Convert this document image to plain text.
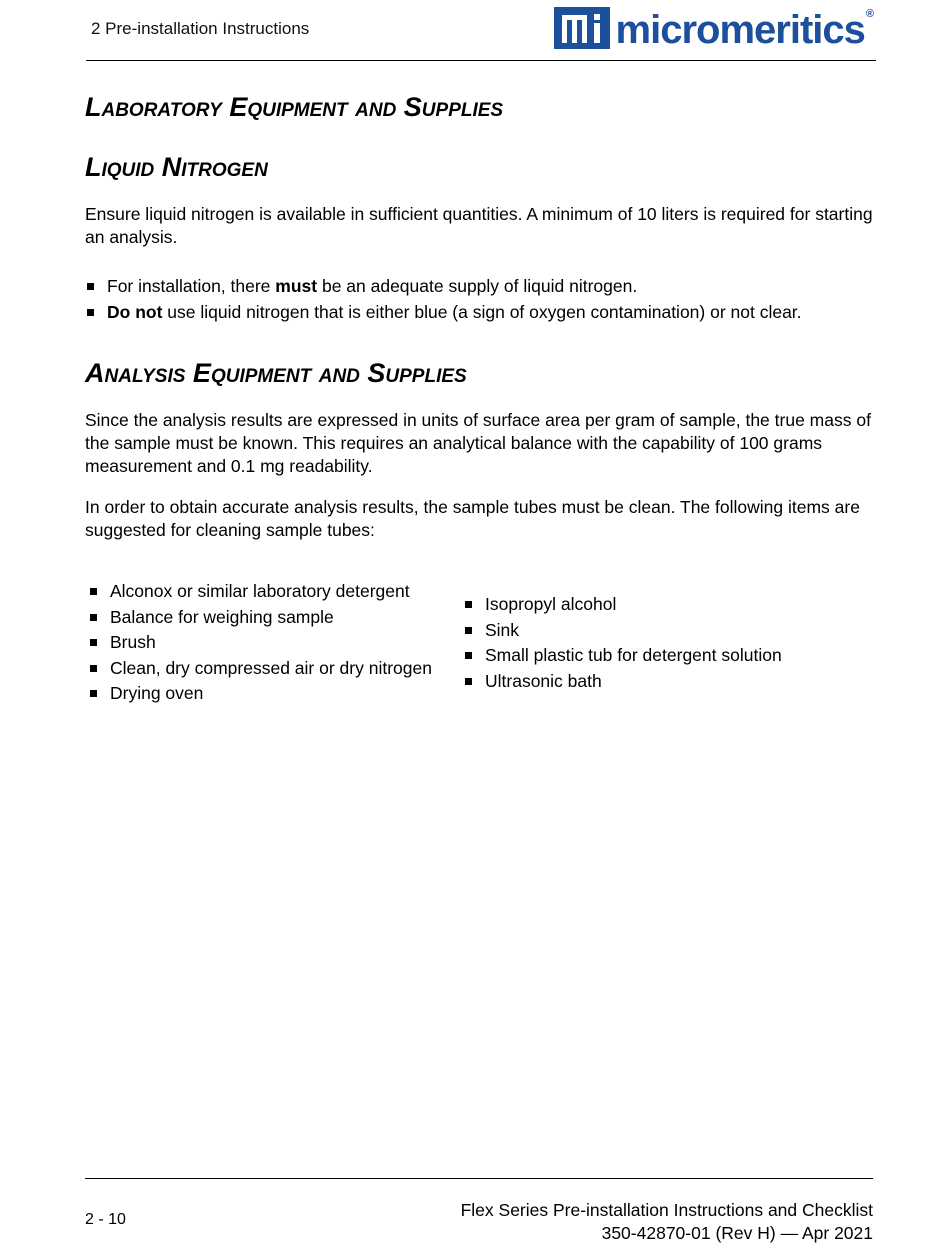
2 Pre-installation Instructions	micromeritics ®
Laboratory Equipment and Supplies
Liquid Nitrogen

Ensure liquid nitrogen is available in sufficient quantities. A minimum of 10 liters is required for starting an analysis.

For installation, there must be an adequate supply of liquid nitrogen.
Do not use liquid nitrogen that is either blue (a sign of oxygen contamination) or not clear.
Analysis Equipment and Supplies

Since the analysis results are expressed in units of surface area per gram of sample, the true mass of the sample must be known. This requires an analytical balance with the capability of 100 grams measurement and 0.1 mg readability.

In order to obtain accurate analysis results, the sample tubes must be clean. The following items are suggested for cleaning sample tubes:

Alconox or similar laboratory detergent
Balance for weighing sample
Brush
Clean, dry compressed air or dry nitrogen
Drying oven
Isopropyl alcohol
Sink
Small plastic tub for detergent solution
Ultrasonic bath
2 - 10	Flex Series Pre-installation Instructions and Checklist
350-42870-01 (Rev H) — Apr 2021
